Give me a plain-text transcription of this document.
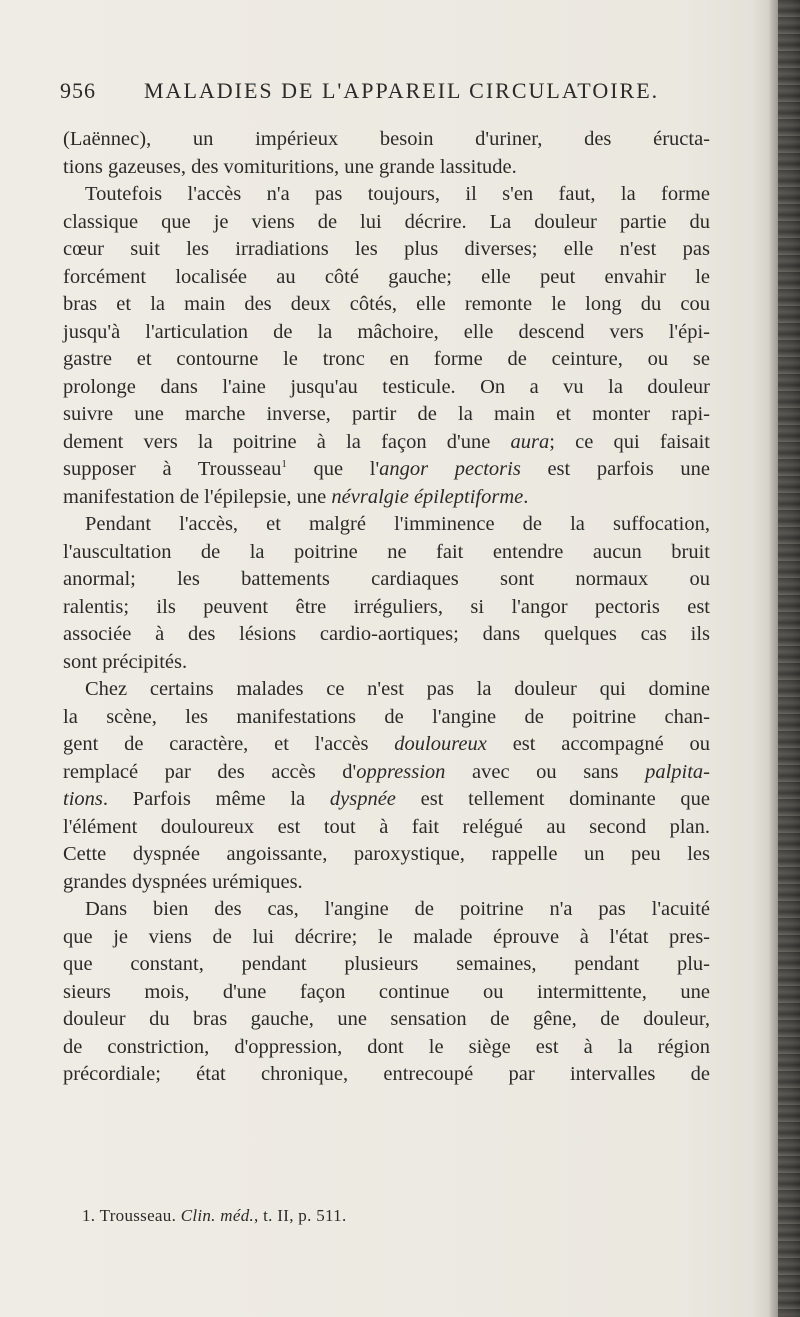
956 MALADIES DE L'APPAREIL CIRCULATOIRE.
(Laënnec), un impérieux besoin d'uriner, des éructa-
tions gazeuses, des vomituritions, une grande lassitude.
Toutefois l'accès n'a pas toujours, il s'en faut, la forme
classique que je viens de lui décrire. La douleur partie du
cœur suit les irradiations les plus diverses; elle n'est pas
forcément localisée au côté gauche; elle peut envahir le
bras et la main des deux côtés, elle remonte le long du cou
jusqu'à l'articulation de la mâchoire, elle descend vers l'épi-
gastre et contourne le tronc en forme de ceinture, ou se
prolonge dans l'aine jusqu'au testicule. On a vu la douleur
suivre une marche inverse, partir de la main et monter rapi-
dement vers la poitrine à la façon d'une aura; ce qui faisait
supposer à Trousseau$^1$ que l'angor pectoris est parfois une
manifestation de l'épilepsie, une névralgie épileptiforme.
Pendant l'accès, et malgré l'imminence de la suffocation,
l'auscultation de la poitrine ne fait entendre aucun bruit
anormal; les battements cardiaques sont normaux ou
ralentis; ils peuvent être irréguliers, si l'angor pectoris est
associée à des lésions cardio-aortiques; dans quelques cas ils
sont précipités.
Chez certains malades ce n'est pas la douleur qui domine
la scène, les manifestations de l'angine de poitrine chan-
gent de caractère, et l'accès douloureux est accompagné ou
remplacé par des accès d'oppression avec ou sans palpita-
tions. Parfois même la dyspnée est tellement dominante que
l'élément douloureux est tout à fait relégué au second plan.
Cette dyspnée angoissante, paroxystique, rappelle un peu les
grandes dyspnées urémiques.
Dans bien des cas, l'angine de poitrine n'a pas l'acuité
que je viens de lui décrire; le malade éprouve à l'état pres-
que constant, pendant plusieurs semaines, pendant plu-
sieurs mois, d'une façon continue ou intermittente, une
douleur du bras gauche, une sensation de gêne, de douleur,
de constriction, d'oppression, dont le siège est à la région
précordiale; état chronique, entrecoupé par intervalles de
1. Trousseau. Clin. méd., t. II, p. 511.
